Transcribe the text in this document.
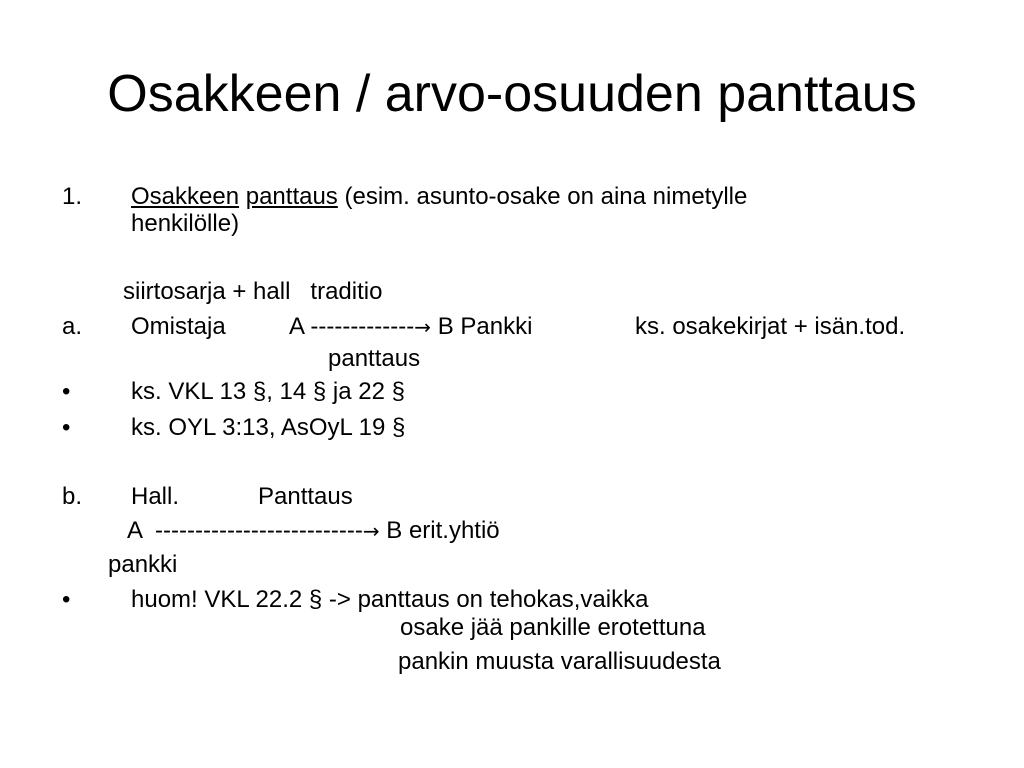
Osakkeen / arvo-osuuden panttaus
1. Osakkeen panttaus (esim. asunto-osake on aina nimetylle
henkilölle)
siirtosarja + hall   traditio
a. Omistaja	A -------------→ B Pankki	ks. osakekirjat + isän.tod.
panttaus
•	ks. VKL 13 §, 14 § ja 22 §
•	ks. OYL 3:13, AsOyL 19 §
b. Hall.	Panttaus
A  --------------------------→ B erit.yhtiö
pankki
•	huom! VKL 22.2 § -> panttaus on tehokas,vaikka
osake jää pankille erotettuna
pankin muusta varallisuudesta
